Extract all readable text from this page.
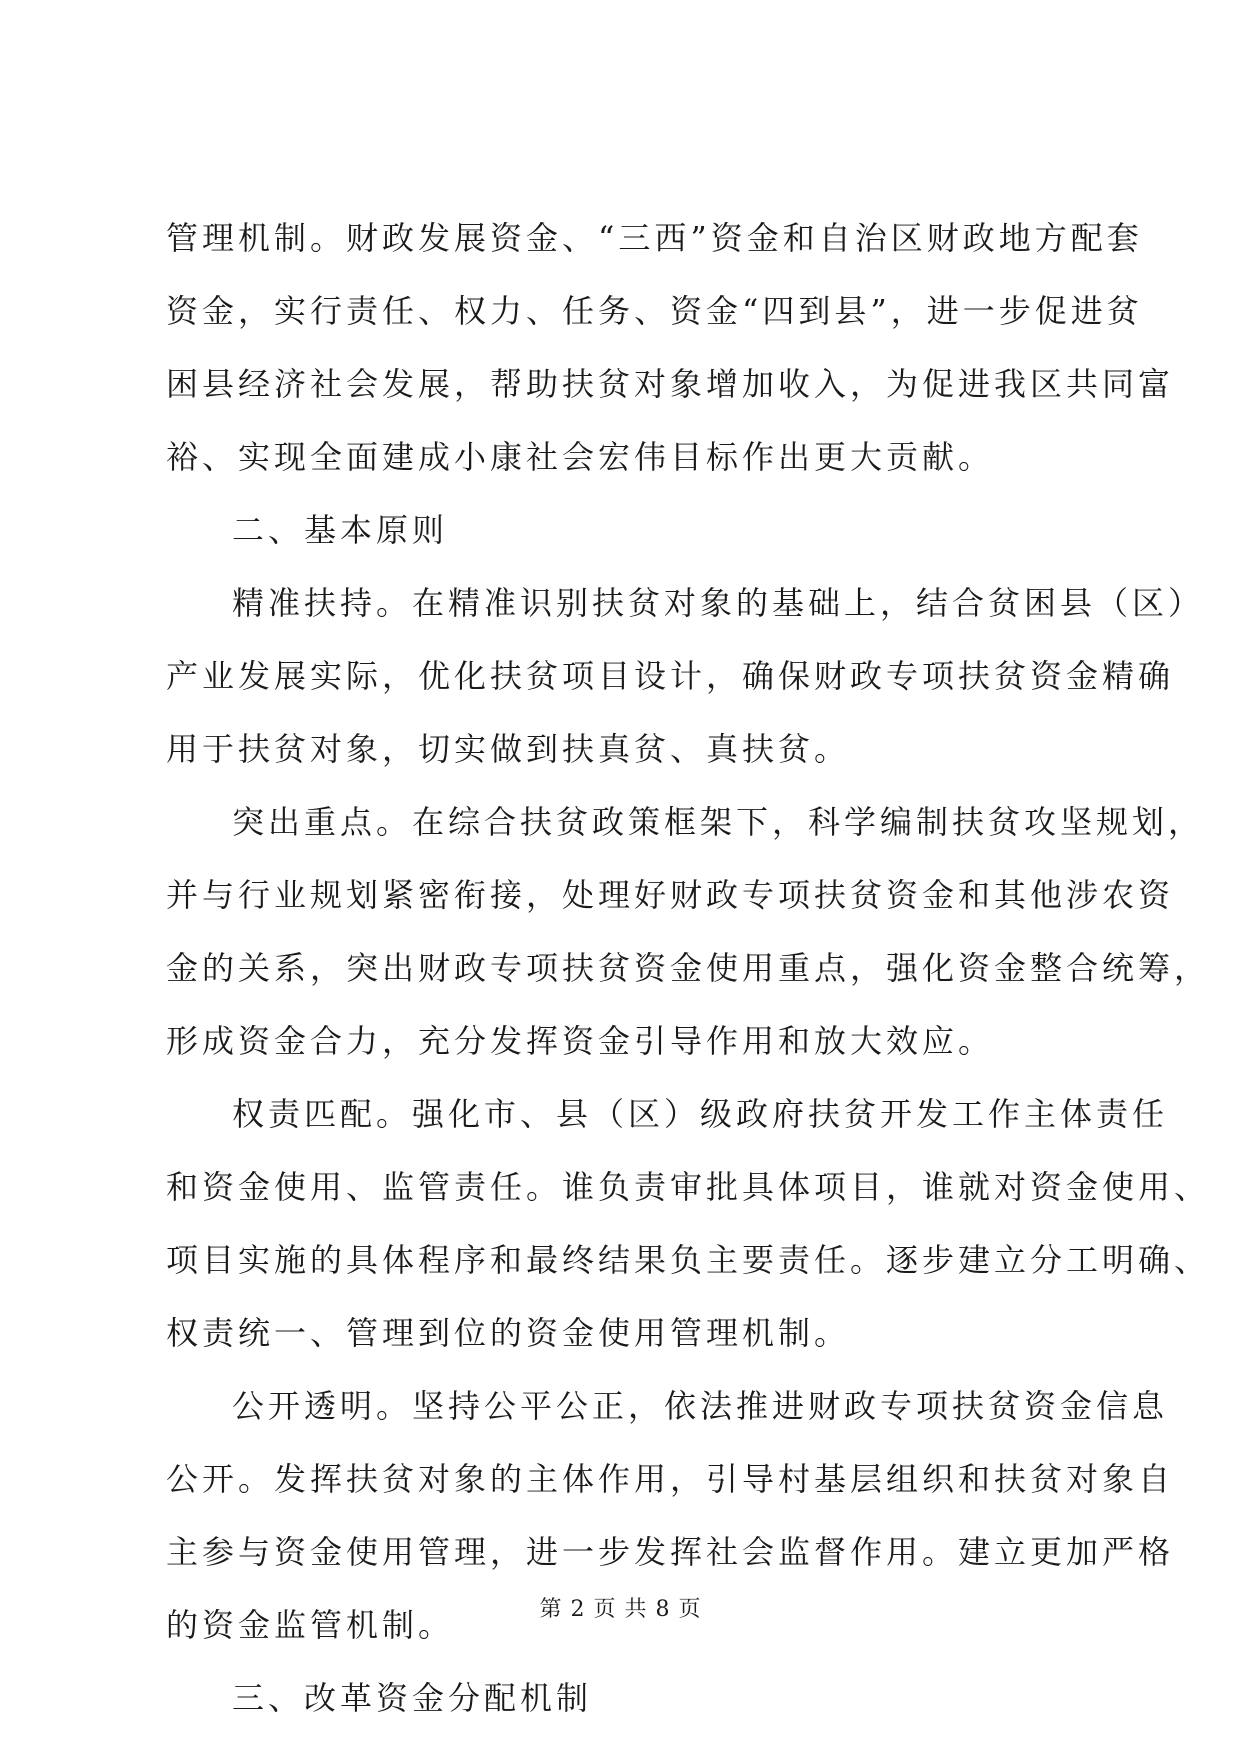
管理机制。财政发展资金、“三西”资金和自治区财政地方配套
资金，实行责任、权力、任务、资金“四到县”，进一步促进贫
困县经济社会发展，帮助扶贫对象增加收入，为促进我区共同富
裕、实现全面建成小康社会宏伟目标作出更大贡献。
二、基本原则
精准扶持。在精准识别扶贫对象的基础上，结合贫困县（区）
产业发展实际，优化扶贫项目设计，确保财政专项扶贫资金精确
用于扶贫对象，切实做到扶真贫、真扶贫。
突出重点。在综合扶贫政策框架下，科学编制扶贫攻坚规划，
并与行业规划紧密衔接，处理好财政专项扶贫资金和其他涉农资
金的关系，突出财政专项扶贫资金使用重点，强化资金整合统筹，
形成资金合力，充分发挥资金引导作用和放大效应。
权责匹配。强化市、县（区）级政府扶贫开发工作主体责任
和资金使用、监管责任。谁负责审批具体项目，谁就对资金使用、
项目实施的具体程序和最终结果负主要责任。逐步建立分工明确、
权责统一、管理到位的资金使用管理机制。
公开透明。坚持公平公正，依法推进财政专项扶贫资金信息
公开。发挥扶贫对象的主体作用，引导村基层组织和扶贫对象自
主参与资金使用管理，进一步发挥社会监督作用。建立更加严格
的资金监管机制。
三、改革资金分配机制
第 2 页 共 8 页
